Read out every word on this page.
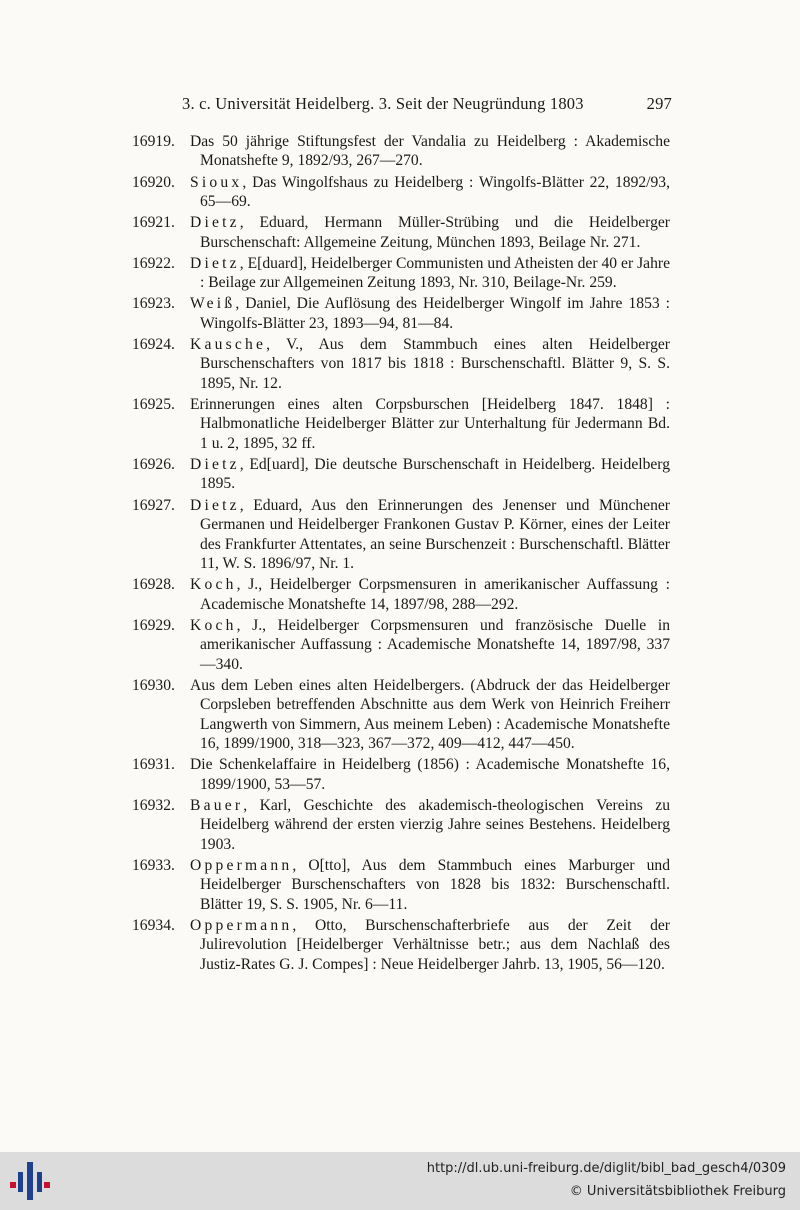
3. c. Universität Heidelberg. 3. Seit der Neugründung 1803	297
16919. Das 50 jährige Stiftungsfest der Vandalia zu Heidelberg : Akademische Monatshefte 9, 1892/93, 267—270.
16920. Sioux, Das Wingolfshaus zu Heidelberg : Wingolfs-Blätter 22, 1892/93, 65—69.
16921. Dietz, Eduard, Hermann Müller-Strübing und die Heidelberger Burschenschaft: Allgemeine Zeitung, München 1893, Beilage Nr. 271.
16922. Dietz, E[duard], Heidelberger Communisten und Atheisten der 40 er Jahre : Beilage zur Allgemeinen Zeitung 1893, Nr. 310, Beilage-Nr. 259.
16923. Weiß, Daniel, Die Auflösung des Heidelberger Wingolf im Jahre 1853 : Wingolfs-Blätter 23, 1893—94, 81—84.
16924. Kausche, V., Aus dem Stammbuch eines alten Heidelberger Burschenschafters von 1817 bis 1818 : Burschenschaftl. Blätter 9, S. S. 1895, Nr. 12.
16925. Erinnerungen eines alten Corpsburschen [Heidelberg 1847. 1848] : Halbmonatliche Heidelberger Blätter zur Unterhaltung für Jedermann Bd. 1 u. 2, 1895, 32 ff.
16926. Dietz, Ed[uard], Die deutsche Burschenschaft in Heidelberg. Heidelberg 1895.
16927. Dietz, Eduard, Aus den Erinnerungen des Jenenser und Münchener Germanen und Heidelberger Frankonen Gustav P. Körner, eines der Leiter des Frankfurter Attentates, an seine Burschenzeit : Burschenschaftl. Blätter 11, W. S. 1896/97, Nr. 1.
16928. Koch, J., Heidelberger Corpsmensuren in amerikanischer Auffassung : Academische Monatshefte 14, 1897/98, 288—292.
16929. Koch, J., Heidelberger Corpsmensuren und französische Duelle in amerikanischer Auffassung : Academische Monatshefte 14, 1897/98, 337—340.
16930. Aus dem Leben eines alten Heidelbergers. (Abdruck der das Heidelberger Corpsleben betreffenden Abschnitte aus dem Werk von Heinrich Freiherr Langwerth von Simmern, Aus meinem Leben) : Academische Monatshefte 16, 1899/1900, 318—323, 367—372, 409—412, 447—450.
16931. Die Schenkelaffaire in Heidelberg (1856) : Academische Monatshefte 16, 1899/1900, 53—57.
16932. Bauer, Karl, Geschichte des akademisch-theologischen Vereins zu Heidelberg während der ersten vierzig Jahre seines Bestehens. Heidelberg 1903.
16933. Oppermann, O[tto], Aus dem Stammbuch eines Marburger und Heidelberger Burschenschafters von 1828 bis 1832: Burschenschaftl. Blätter 19, S. S. 1905, Nr. 6—11.
16934. Oppermann, Otto, Burschenschafterbriefe aus der Zeit der Julirevolution [Heidelberger Verhältnisse betr.; aus dem Nachlaß des Justiz-Rates G. J. Compes] : Neue Heidelberger Jahrb. 13, 1905, 56—120.
http://dl.ub.uni-freiburg.de/diglit/bibl_bad_gesch4/0309
© Universitätsbibliothek Freiburg
